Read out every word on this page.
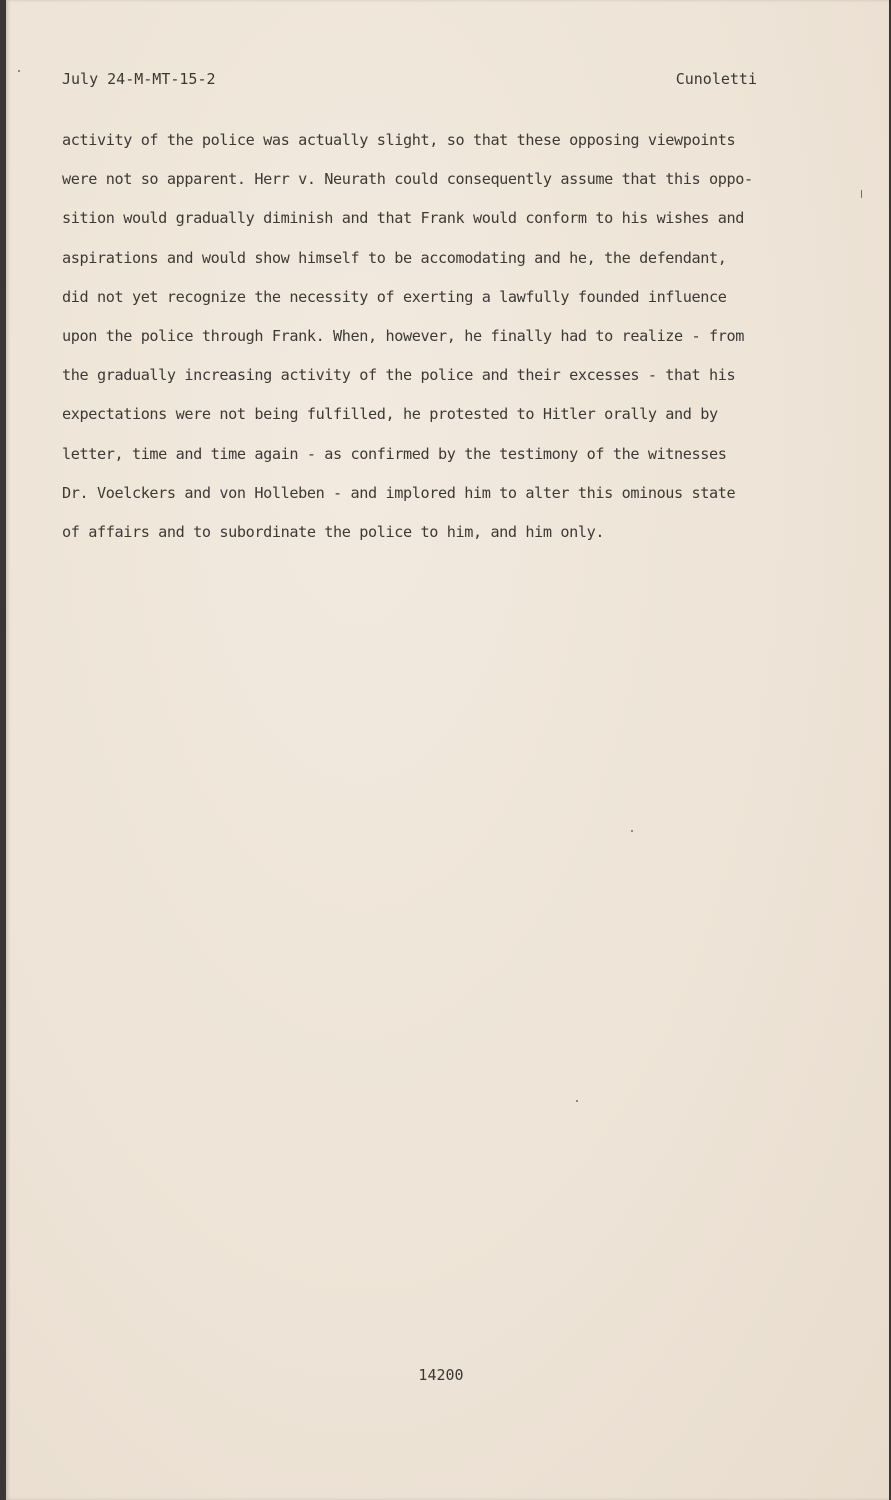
July 24-M-MT-15-2	Cunoletti
activity of the police was actually slight, so that these opposing viewpoints
were not so apparent. Herr v. Neurath could consequently assume that this oppo-
sition would gradually diminish and that Frank would conform to his wishes and
aspirations and would show himself to be accomodating and he, the defendant,
did not yet recognize the necessity of exerting a lawfully founded influence
upon the police through Frank. When, however, he finally had to realize - from
the gradually increasing activity of the police and their excesses - that his
expectations were not being fulfilled, he protested to Hitler orally and by
letter, time and time again - as confirmed by the testimony of the witnesses
Dr. Voelckers and von Holleben - and implored him to alter this ominous state
of affairs and to subordinate the police to him, and him only.
14200
